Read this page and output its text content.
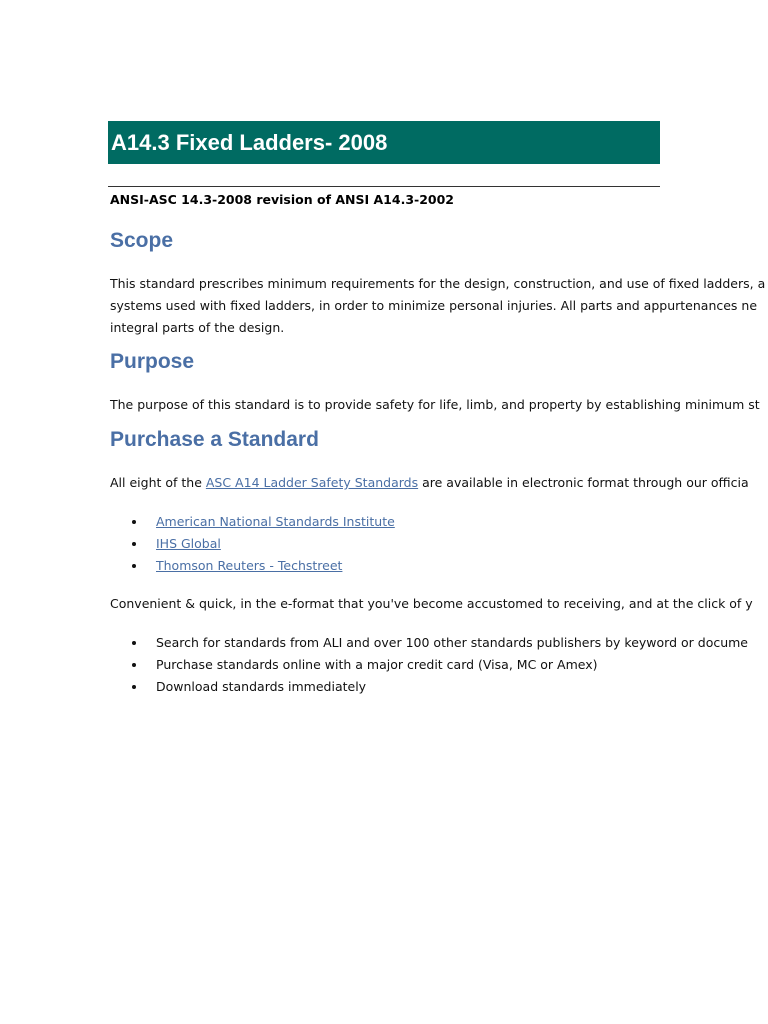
A14.3 Fixed Ladders- 2008
ANSI-ASC 14.3-2008 revision of ANSI A14.3-2002
Scope
This standard prescribes minimum requirements for the design, construction, and use of fixed ladders, a
systems used with fixed ladders, in order to minimize personal injuries. All parts and appurtenances ne
integral parts of the design.
Purpose
The purpose of this standard is to provide safety for life, limb, and property by establishing minimum st
Purchase a Standard
All eight of the ASC A14 Ladder Safety Standards are available in electronic format through our officia
American National Standards Institute
IHS Global
Thomson Reuters - Techstreet
Convenient & quick, in the e-format that you've become accustomed to receiving, and at the click of y
Search for standards from ALI and over 100 other standards publishers by keyword or docume
Purchase standards online with a major credit card (Visa, MC or Amex)
Download standards immediately
